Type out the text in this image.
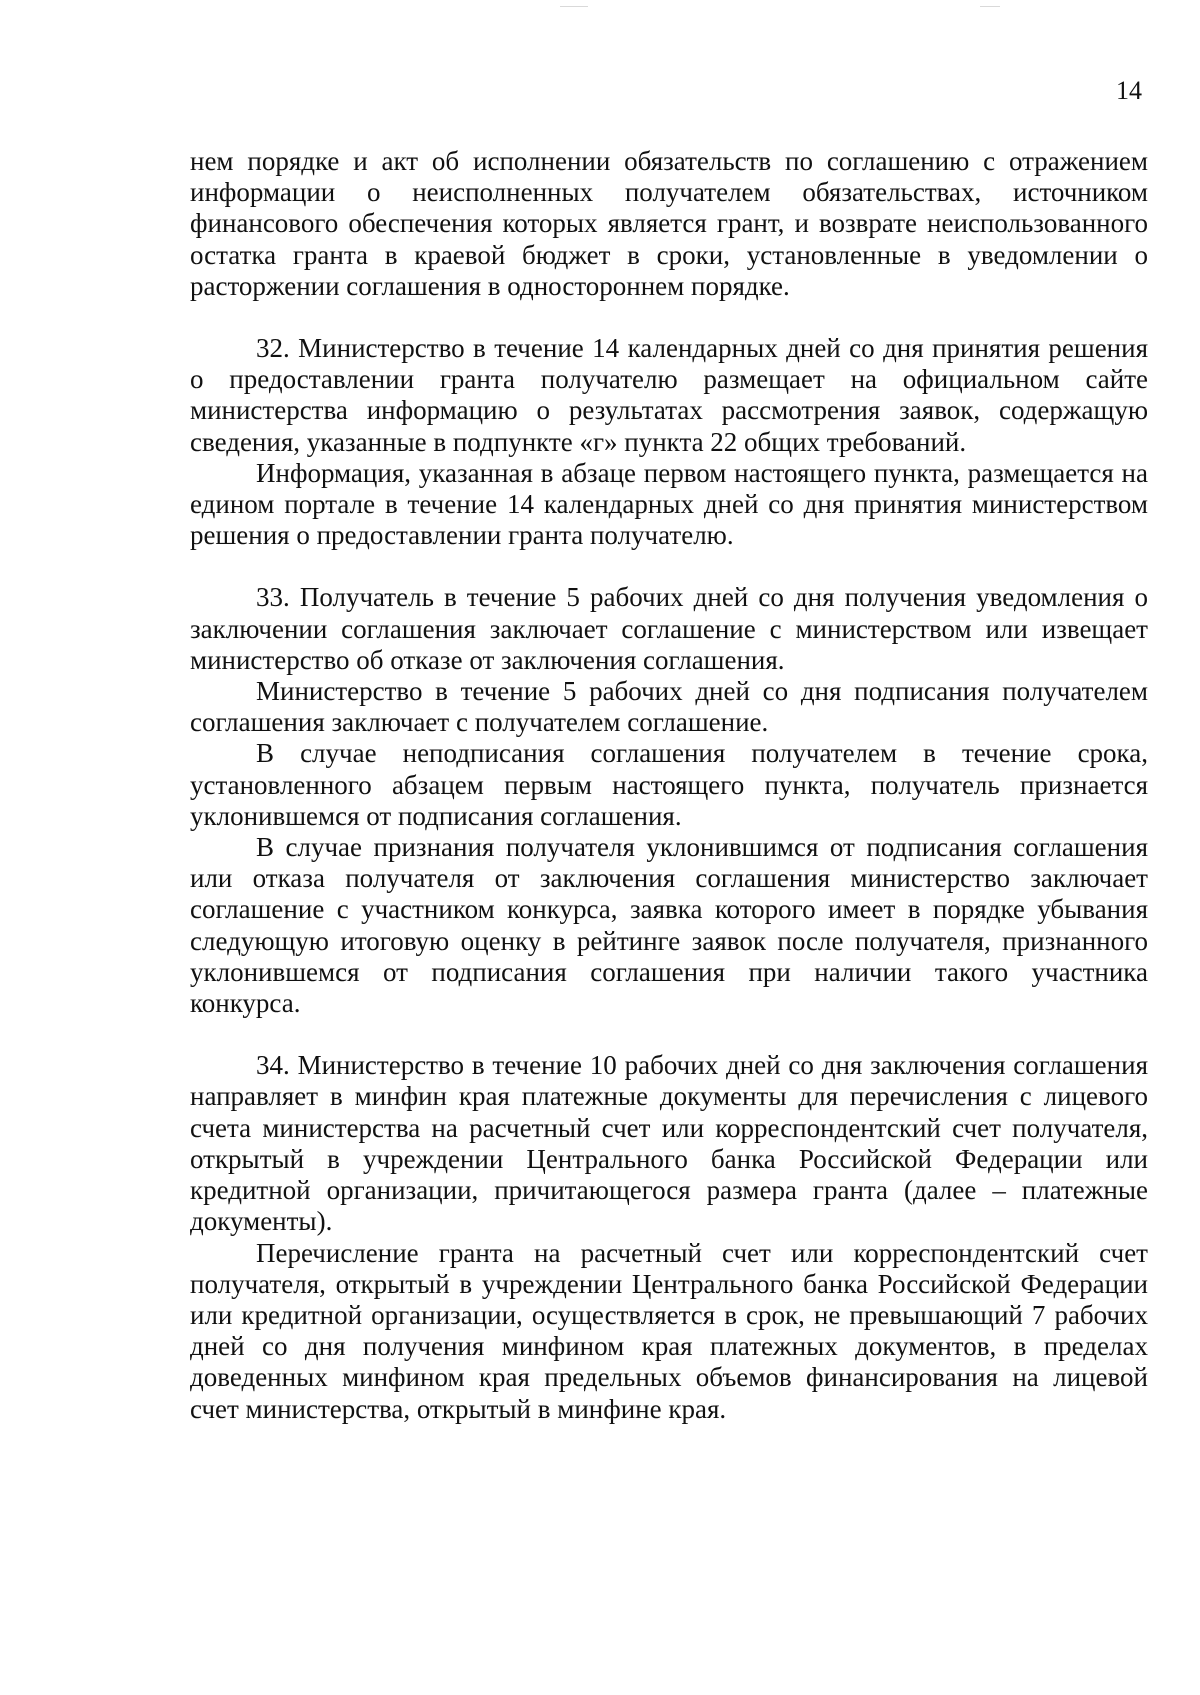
14

нем порядке и акт об исполнении обязательств по соглашению с отражением информации о неисполненных получателем обязательствах, источником финансового обеспечения которых является грант, и возврате неиспользованного остатка гранта в краевой бюджет в сроки, установленные в уведомлении о расторжении соглашения в одностороннем порядке.

32. Министерство в течение 14 календарных дней со дня принятия решения о предоставлении гранта получателю размещает на официальном сайте министерства информацию о результатах рассмотрения заявок, содержащую сведения, указанные в подпункте «г» пункта 22 общих требований.

Информация, указанная в абзаце первом настоящего пункта, размещается на едином портале в течение 14 календарных дней со дня принятия министерством решения о предоставлении гранта получателю.

33. Получатель в течение 5 рабочих дней со дня получения уведомления о заключении соглашения заключает соглашение с министерством или извещает министерство об отказе от заключения соглашения.

Министерство в течение 5 рабочих дней со дня подписания получателем соглашения заключает с получателем соглашение.

В случае неподписания соглашения получателем в течение срока, установленного абзацем первым настоящего пункта, получатель признается уклонившемся от подписания соглашения.

В случае признания получателя уклонившимся от подписания соглашения или отказа получателя от заключения соглашения министерство заключает соглашение с участником конкурса, заявка которого имеет в порядке убывания следующую итоговую оценку в рейтинге заявок после получателя, признанного уклонившемся от подписания соглашения при наличии такого участника конкурса.

34. Министерство в течение 10 рабочих дней со дня заключения соглашения направляет в минфин края платежные документы для перечисления с лицевого счета министерства на расчетный счет или корреспондентский счет получателя, открытый в учреждении Центрального банка Российской Федерации или кредитной организации, причитающегося размера гранта (далее – платежные документы).

Перечисление гранта на расчетный счет или корреспондентский счет получателя, открытый в учреждении Центрального банка Российской Федерации или кредитной организации, осуществляется в срок, не превышающий 7 рабочих дней со дня получения минфином края платежных документов, в пределах доведенных минфином края предельных объемов финансирования на лицевой счет министерства, открытый в минфине края.
